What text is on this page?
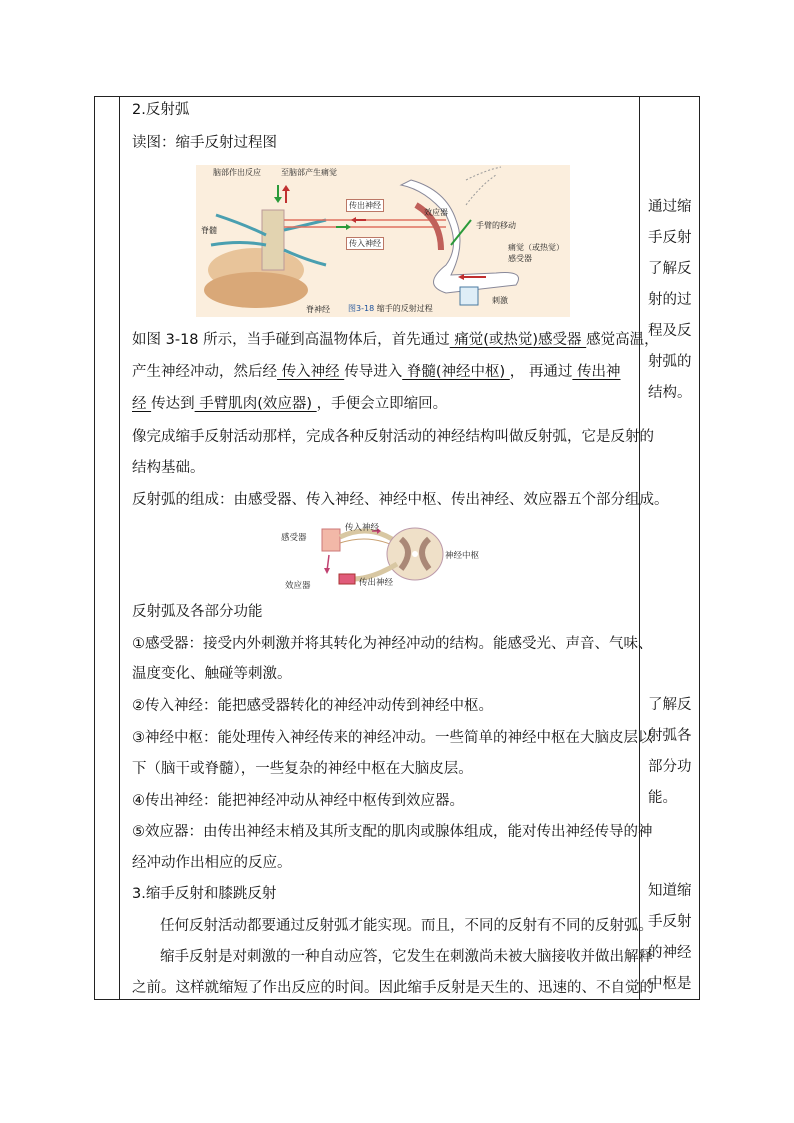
2.反射弧
读图：缩手反射过程图
如图 3-18 所示，当手碰到高温物体后，首先通过 痛觉(或热觉)感受器 感觉高温，
产生神经冲动，然后经 传入神经 传导进入 脊髓(神经中枢) ， 再通过 传出神
经 传达到 手臂肌肉(效应器) ，手便会立即缩回。
像完成缩手反射活动那样，完成各种反射活动的神经结构叫做反射弧，它是反射的
结构基础。
反射弧的组成：由感受器、传入神经、神经中枢、传出神经、效应器五个部分组成。
反射弧及各部分功能
①感受器：接受内外刺激并将其转化为神经冲动的结构。能感受光、声音、气味、
温度变化、触碰等刺激。
②传入神经：能把感受器转化的神经冲动传到神经中枢。
③神经中枢：能处理传入神经传来的神经冲动。一些简单的神经中枢在大脑皮层以
下（脑干或脊髓），一些复杂的神经中枢在大脑皮层。
④传出神经：能把神经冲动从神经中枢传到效应器。
⑤效应器：由传出神经末梢及其所支配的肌肉或腺体组成，能对传出神经传导的神
经冲动作出相应的反应。
3.缩手反射和膝跳反射
任何反射活动都要通过反射弧才能实现。而且，不同的反射有不同的反射弧。
缩手反射是对刺激的一种自动应答，它发生在刺激尚未被大脑接收并做出解释
之前。这样就缩短了作出反应的时间。因此缩手反射是天生的、迅速的、不自觉的
脑部作出反应	至脑部产生痛觉
脊髓
传出神经
传入神经
效应器
手臂的移动
痛觉（或热觉）感受器
脊神经
刺激
图3-18 缩手的反射过程
感受器
传入神经
神经中枢
效应器	传出神经
通过缩
手反射
了解反
射的过
程及反
射弧的
结构。
了解反
射弧各
部分功
能。
知道缩
手反射
的神经
中枢是
